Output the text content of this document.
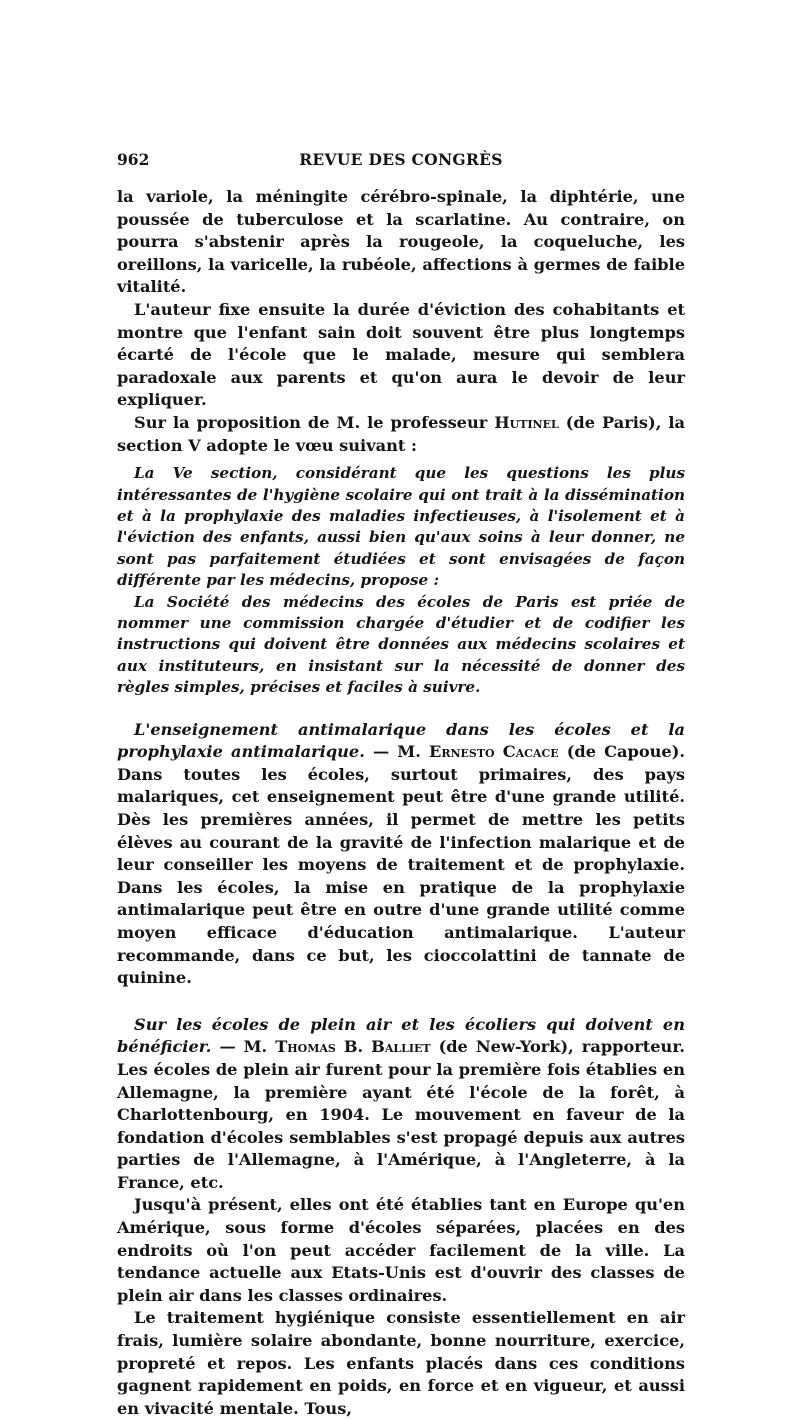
962	REVUE DES CONGRÈS

la variole, la méningite cérébro-spinale, la diphtérie, une poussée de tuberculose et la scarlatine. Au contraire, on pourra s'abstenir après la rougeole, la coqueluche, les oreillons, la varicelle, la rubéole, affections à germes de faible vitalité.

L'auteur fixe ensuite la durée d'éviction des cohabitants et montre que l'enfant sain doit souvent être plus longtemps écarté de l'école que le malade, mesure qui semblera paradoxale aux parents et qu'on aura le devoir de leur expliquer.

Sur la proposition de M. le professeur Hutinel (de Paris), la section V adopte le vœu suivant :

La Ve section, considérant que les questions les plus intéressantes de l'hygiène scolaire qui ont trait à la dissémination et à la prophylaxie des maladies infectieuses, à l'isolement et à l'éviction des enfants, aussi bien qu'aux soins à leur donner, ne sont pas parfaitement étudiées et sont envisagées de façon différente par les médecins, propose :

La Société des médecins des écoles de Paris est priée de nommer une commission chargée d'étudier et de codifier les instructions qui doivent être données aux médecins scolaires et aux instituteurs, en insistant sur la nécessité de donner des règles simples, précises et faciles à suivre.

L'enseignement antimalarique dans les écoles et la prophylaxie antimalarique. — M. Ernesto Cacace (de Capoue). Dans toutes les écoles, surtout primaires, des pays malariques, cet enseignement peut être d'une grande utilité. Dès les premières années, il permet de mettre les petits élèves au courant de la gravité de l'infection malarique et de leur conseiller les moyens de traitement et de prophylaxie. Dans les écoles, la mise en pratique de la prophylaxie antimalarique peut être en outre d'une grande utilité comme moyen efficace d'éducation antimalarique. L'auteur recommande, dans ce but, les cioccolattini de tannate de quinine.

Sur les écoles de plein air et les écoliers qui doivent en bénéficier. — M. Thomas B. Balliet (de New-York), rapporteur. Les écoles de plein air furent pour la première fois établies en Allemagne, la première ayant été l'école de la forêt, à Charlottenbourg, en 1904. Le mouvement en faveur de la fondation d'écoles semblables s'est propagé depuis aux autres parties de l'Allemagne, à l'Amérique, à l'Angleterre, à la France, etc.

Jusqu'à présent, elles ont été établies tant en Europe qu'en Amérique, sous forme d'écoles séparées, placées en des endroits où l'on peut accéder facilement de la ville. La tendance actuelle aux Etats-Unis est d'ouvrir des classes de plein air dans les classes ordinaires.

Le traitement hygiénique consiste essentiellement en air frais, lumière solaire abondante, bonne nourriture, exercice, propreté et repos. Les enfants placés dans ces conditions gagnent rapidement en poids, en force et en vigueur, et aussi en vivacité mentale. Tous,
